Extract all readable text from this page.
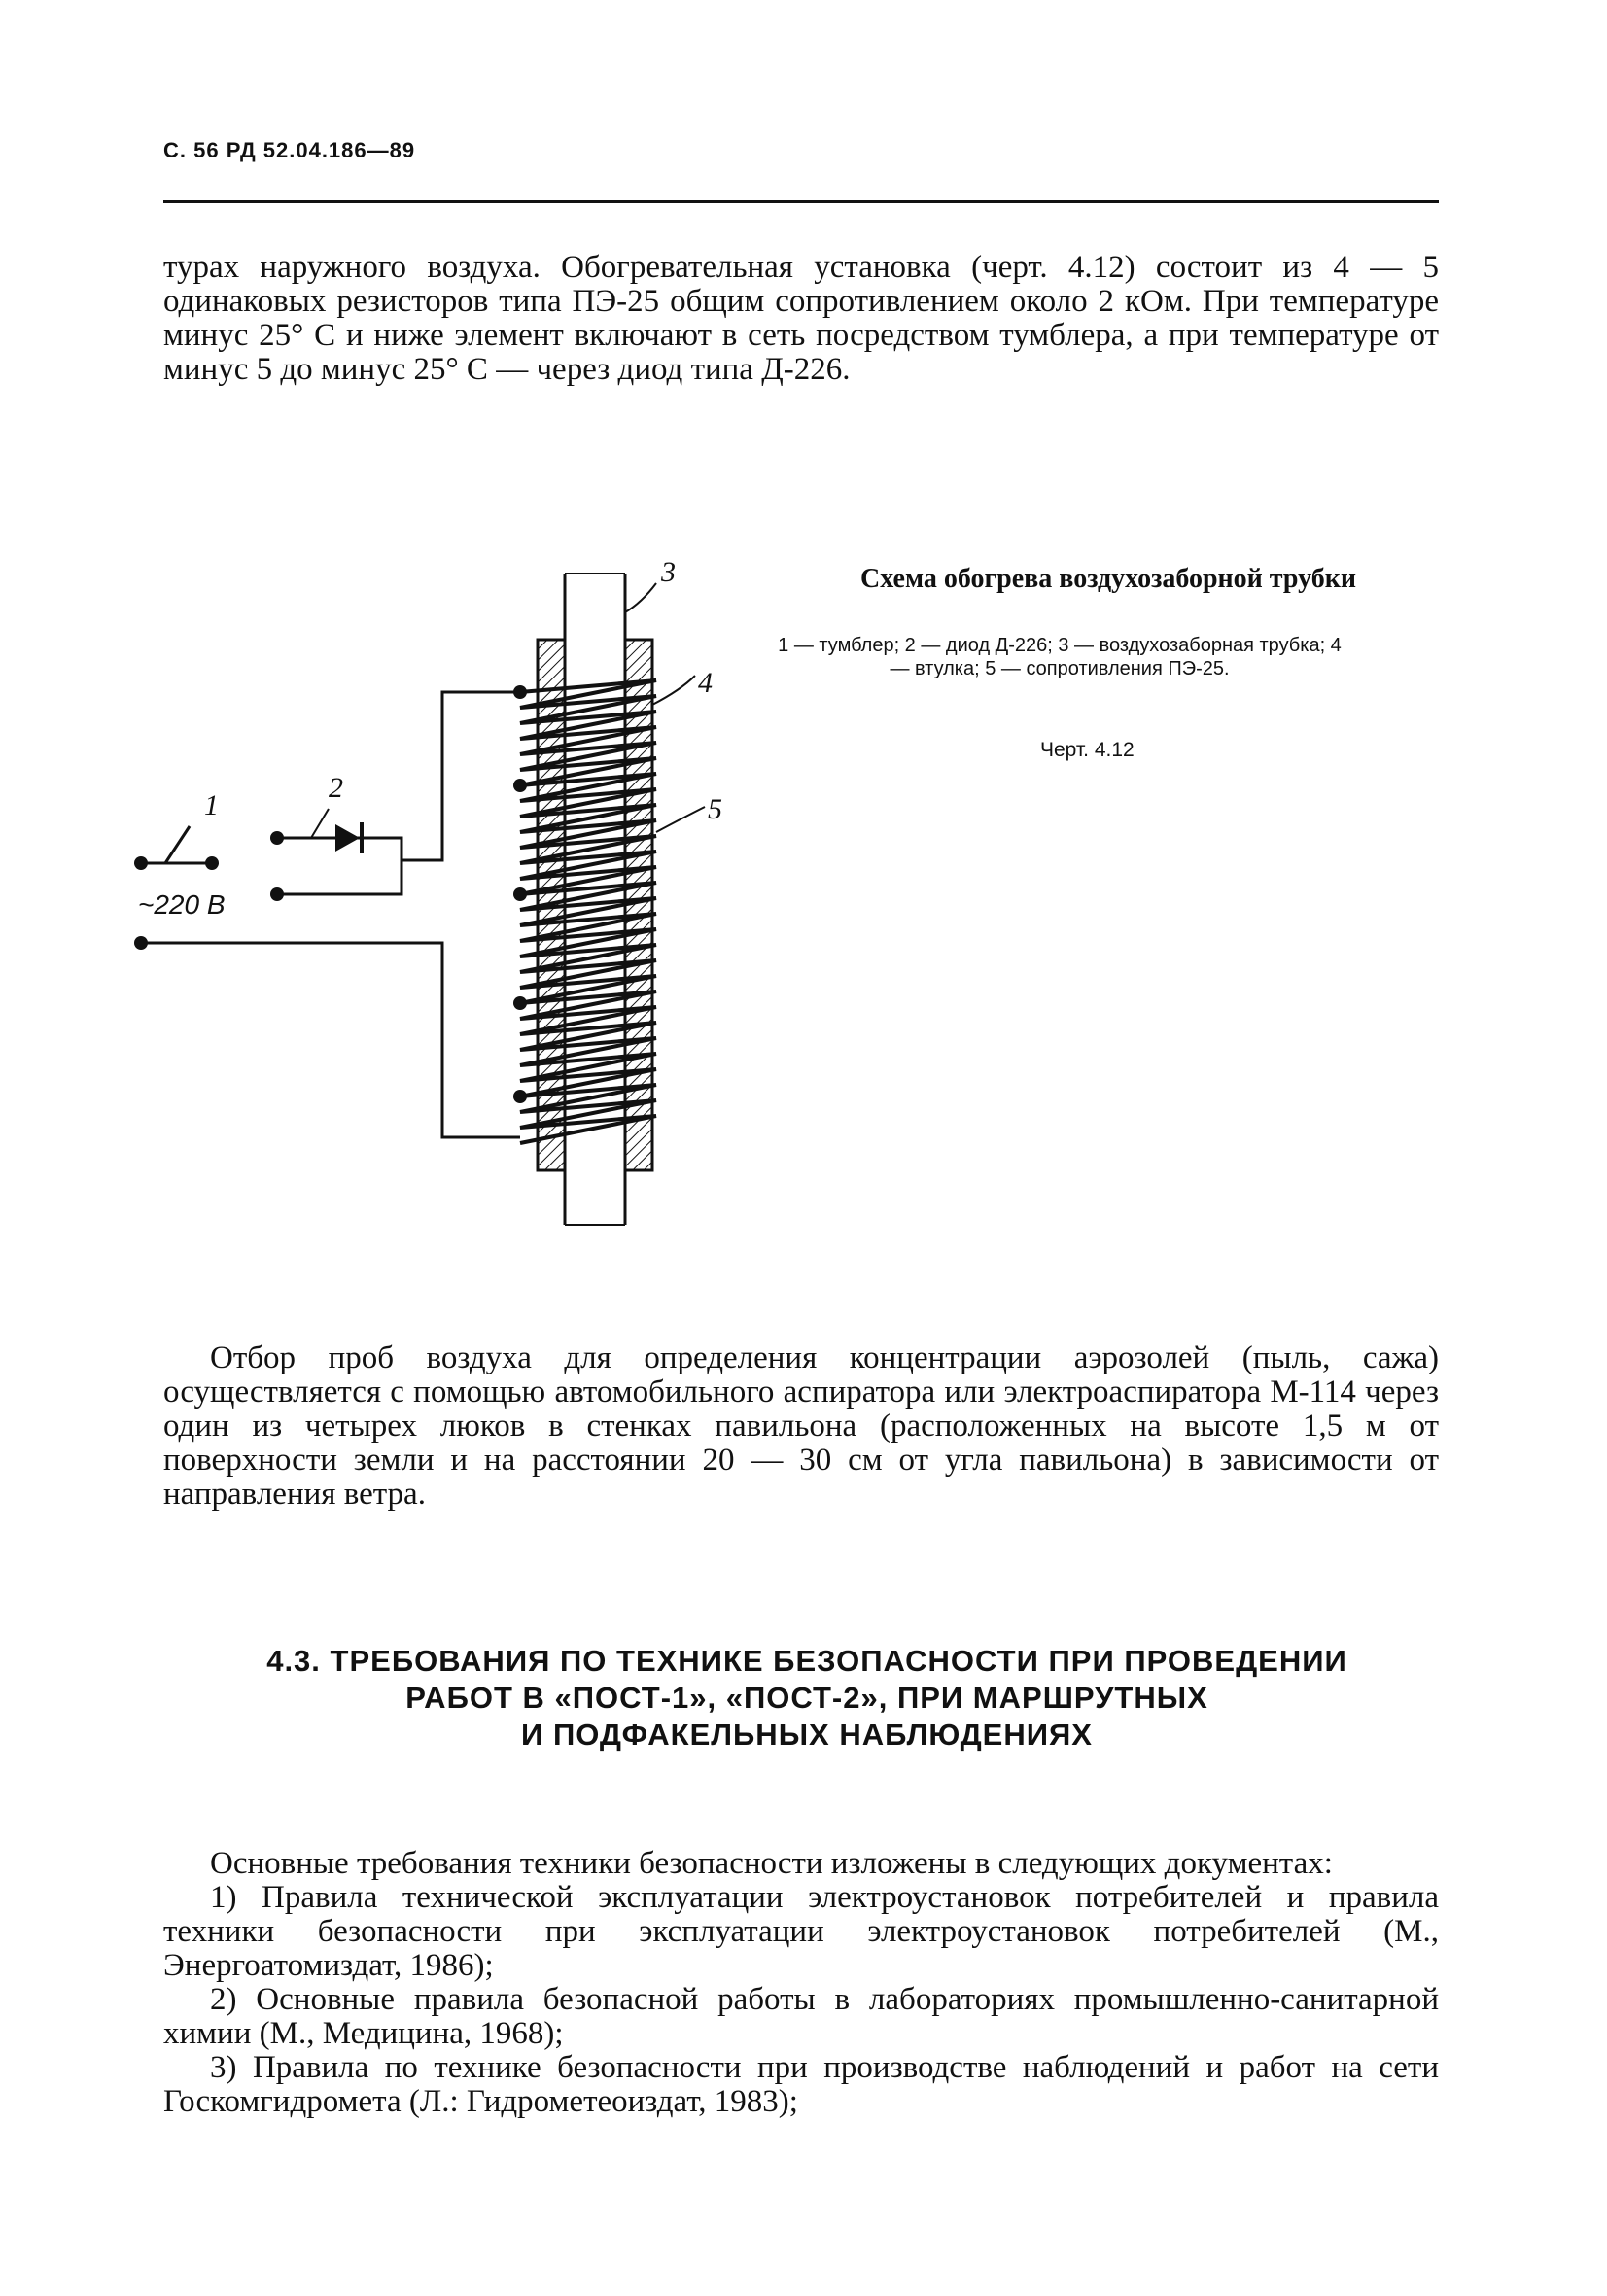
С. 56 РД 52.04.186—89

турах наружного воздуха. Обогревательная установка (черт. 4.12) состоит из 4 — 5 одинаковых резисторов типа ПЭ-25 общим сопротивлением около 2 кОм. При температуре минус 25° С и ниже элемент включают в сеть посредством тумблера, а при температуре от минус 5 до минус 25° С — через диод типа Д-226.

1
2
3
4
5
~220 В
Схема обогрева воздухозаборной трубки
1 — тумблер; 2 — диод Д-226; 3 — воздухозаборная трубка; 4 — втулка; 5 — сопротивления ПЭ-25.
Черт. 4.12

Отбор проб воздуха для определения концентрации аэрозолей (пыль, сажа) осуществляется с помощью автомобильного аспиратора или электроаспиратора М-114 через один из четырех люков в стенках павильона (расположенных на высоте 1,5 м от поверхности земли и на расстоянии 20 — 30 см от угла павильона) в зависимости от направления ветра.

4.3. ТРЕБОВАНИЯ ПО ТЕХНИКЕ БЕЗОПАСНОСТИ ПРИ ПРОВЕДЕНИИ
РАБОТ В «ПОСТ-1», «ПОСТ-2», ПРИ МАРШРУТНЫХ
И ПОДФАКЕЛЬНЫХ НАБЛЮДЕНИЯХ

Основные требования техники безопасности изложены в следующих документах:

1) Правила технической эксплуатации электроустановок потребителей и правила техники безопасности при эксплуатации электроустановок потребителей (М., Энергоатомиздат, 1986);

2) Основные правила безопасной работы в лабораториях промышленно-санитарной химии (М., Медицина, 1968);

3) Правила по технике безопасности при производстве наблюдений и работ на сети Госкомгидромета (Л.: Гидрометеоиздат, 1983);
